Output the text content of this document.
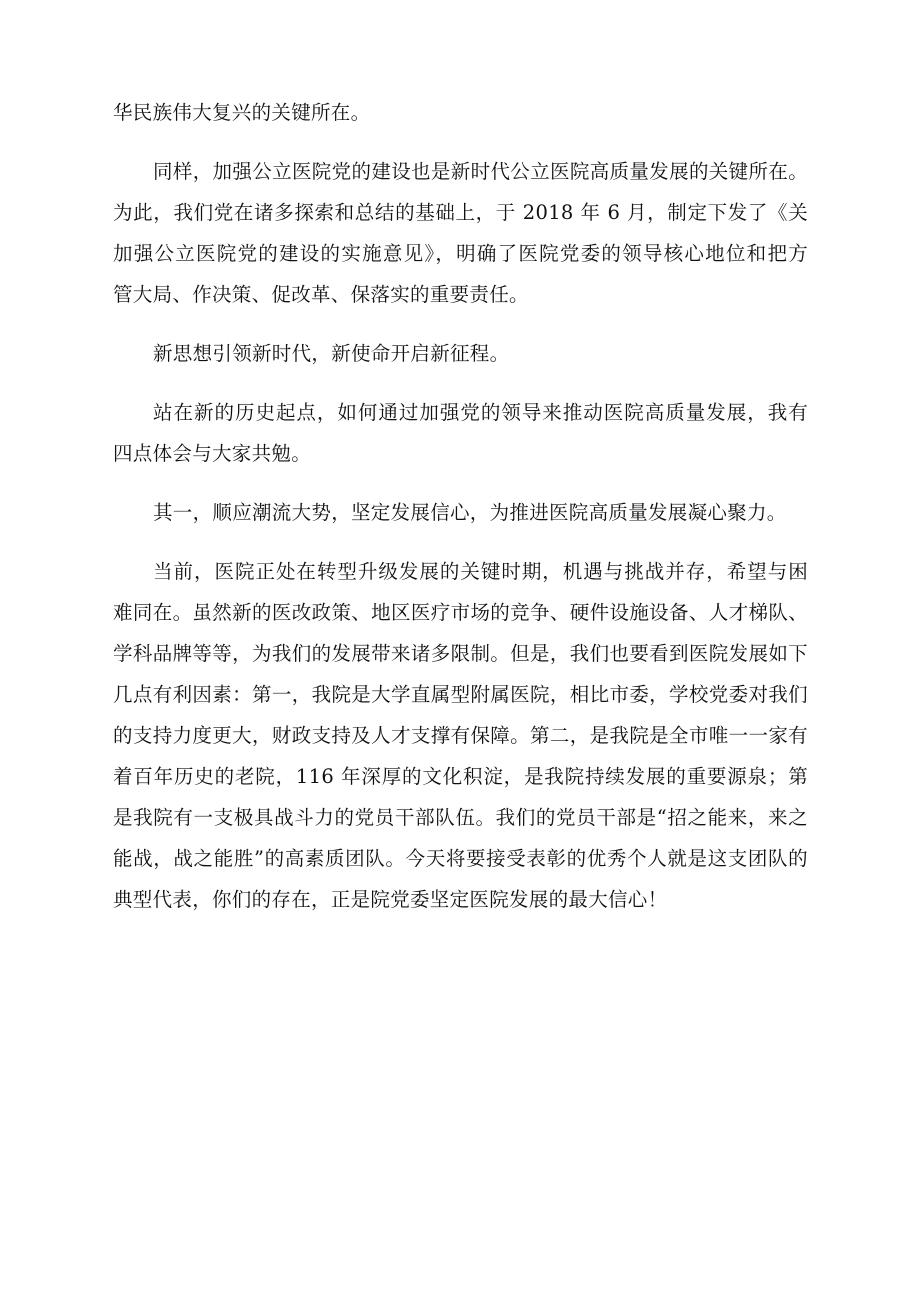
华民族伟大复兴的关键所在。
同样，加强公立医院党的建设也是新时代公立医院高质量发展的关键所在。
为此，我们党在诸多探索和总结的基础上，于 2018 年 6 月，制定下发了《关
加强公立医院党的建设的实施意见》，明确了医院党委的领导核心地位和把方
管大局、作决策、促改革、保落实的重要责任。
新思想引领新时代，新使命开启新征程。
站在新的历史起点，如何通过加强党的领导来推动医院高质量发展，我有
四点体会与大家共勉。
其一，顺应潮流大势，坚定发展信心，为推进医院高质量发展凝心聚力。
当前，医院正处在转型升级发展的关键时期，机遇与挑战并存，希望与困
难同在。虽然新的医改政策、地区医疗市场的竞争、硬件设施设备、人才梯队、
学科品牌等等，为我们的发展带来诸多限制。但是，我们也要看到医院发展如下
几点有利因素：第一，我院是大学直属型附属医院，相比市委，学校党委对我们
的支持力度更大，财政支持及人才支撑有保障。第二，是我院是全市唯一一家有
着百年历史的老院，116 年深厚的文化积淀，是我院持续发展的重要源泉；第
是我院有一支极具战斗力的党员干部队伍。我们的党员干部是“招之能来，来之
能战，战之能胜”的高素质团队。今天将要接受表彰的优秀个人就是这支团队的
典型代表，你们的存在，正是院党委坚定医院发展的最大信心！
